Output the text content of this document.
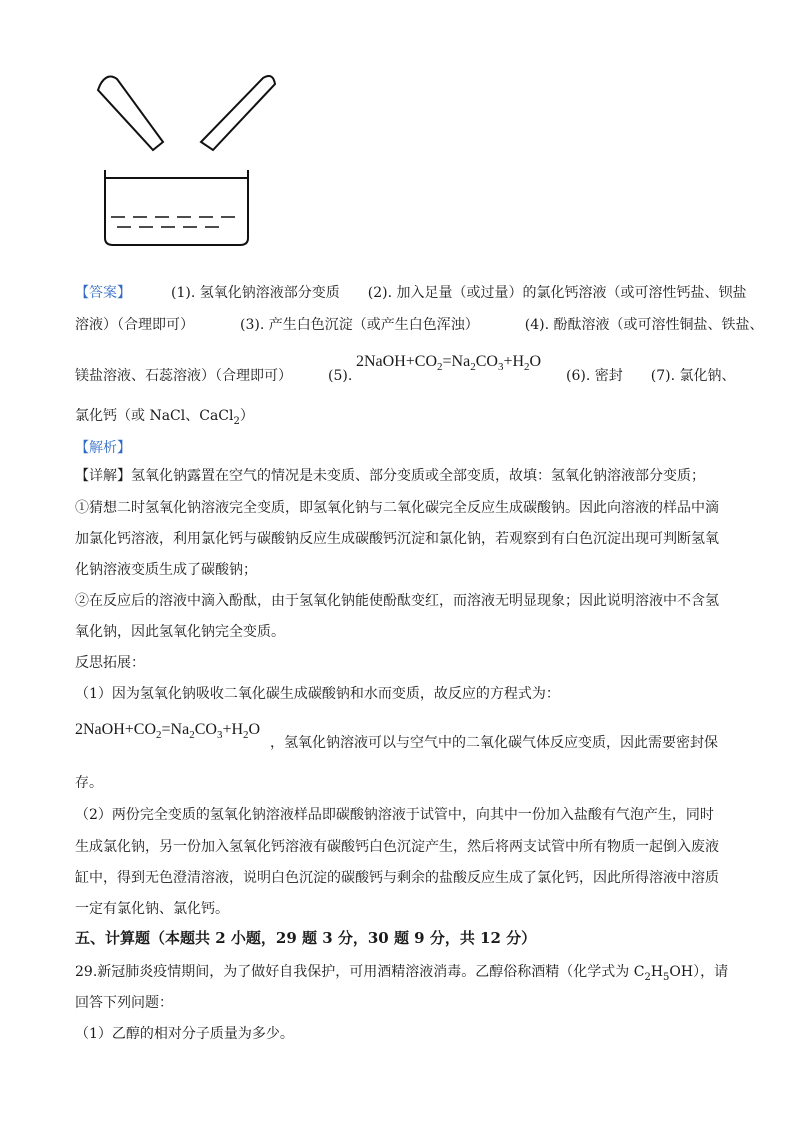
【答案】	(1). 氢氧化钠溶液部分变质 (2). 加入足量（或过量）的氯化钙溶液（或可溶性钙盐、钡盐
溶液）（合理即可）	(3). 产生白色沉淀（或产生白色浑浊）	(4). 酚酞溶液（或可溶性铜盐、铁盐、
镁盐溶液、石蕊溶液）（合理即可）	(5).
$2NaOH+CO_2=Na_2CO_3+H_2O$
(6). 密封 (7). 氯化钠、
氯化钙（或 NaCl、CaCl$_2$）
【解析】
【详解】氢氧化钠露置在空气的情况是未变质、部分变质或全部变质，故填：氢氧化钠溶液部分变质；
①猜想二时氢氧化钠溶液完全变质，即氢氧化钠与二氧化碳完全反应生成碳酸钠。因此向溶液的样品中滴
加氯化钙溶液，利用氯化钙与碳酸钠反应生成碳酸钙沉淀和氯化钠，若观察到有白色沉淀出现可判断氢氧
化钠溶液变质生成了碳酸钠；
②在反应后的溶液中滴入酚酞，由于氢氧化钠能使酚酞变红，而溶液无明显现象；因此说明溶液中不含氢
氧化钠，因此氢氧化钠完全变质。
反思拓展：
（1）因为氢氧化钠吸收二氧化碳生成碳酸钠和水而变质，故反应的方程式为：
$2NaOH+CO_2=Na_2CO_3+H_2O$
，氢氧化钠溶液可以与空气中的二氧化碳气体反应变质，因此需要密封保
存。
（2）两份完全变质的氢氧化钠溶液样品即碳酸钠溶液于试管中，向其中一份加入盐酸有气泡产生，同时
生成氯化钠，另一份加入氢氧化钙溶液有碳酸钙白色沉淀产生，然后将两支试管中所有物质一起倒入废液
缸中，得到无色澄清溶液，说明白色沉淀的碳酸钙与剩余的盐酸反应生成了氯化钙，因此所得溶液中溶质
一定有氯化钠、氯化钙。
五、计算题（本题共 2 小题，29 题 3 分，30 题 9 分，共 12 分）
29.新冠肺炎疫情期间，为了做好自我保护，可用酒精溶液消毒。乙醇俗称酒精（化学式为 $C_2H_5OH$），请
回答下列问题：
（1）乙醇的相对分子质量为多少。
